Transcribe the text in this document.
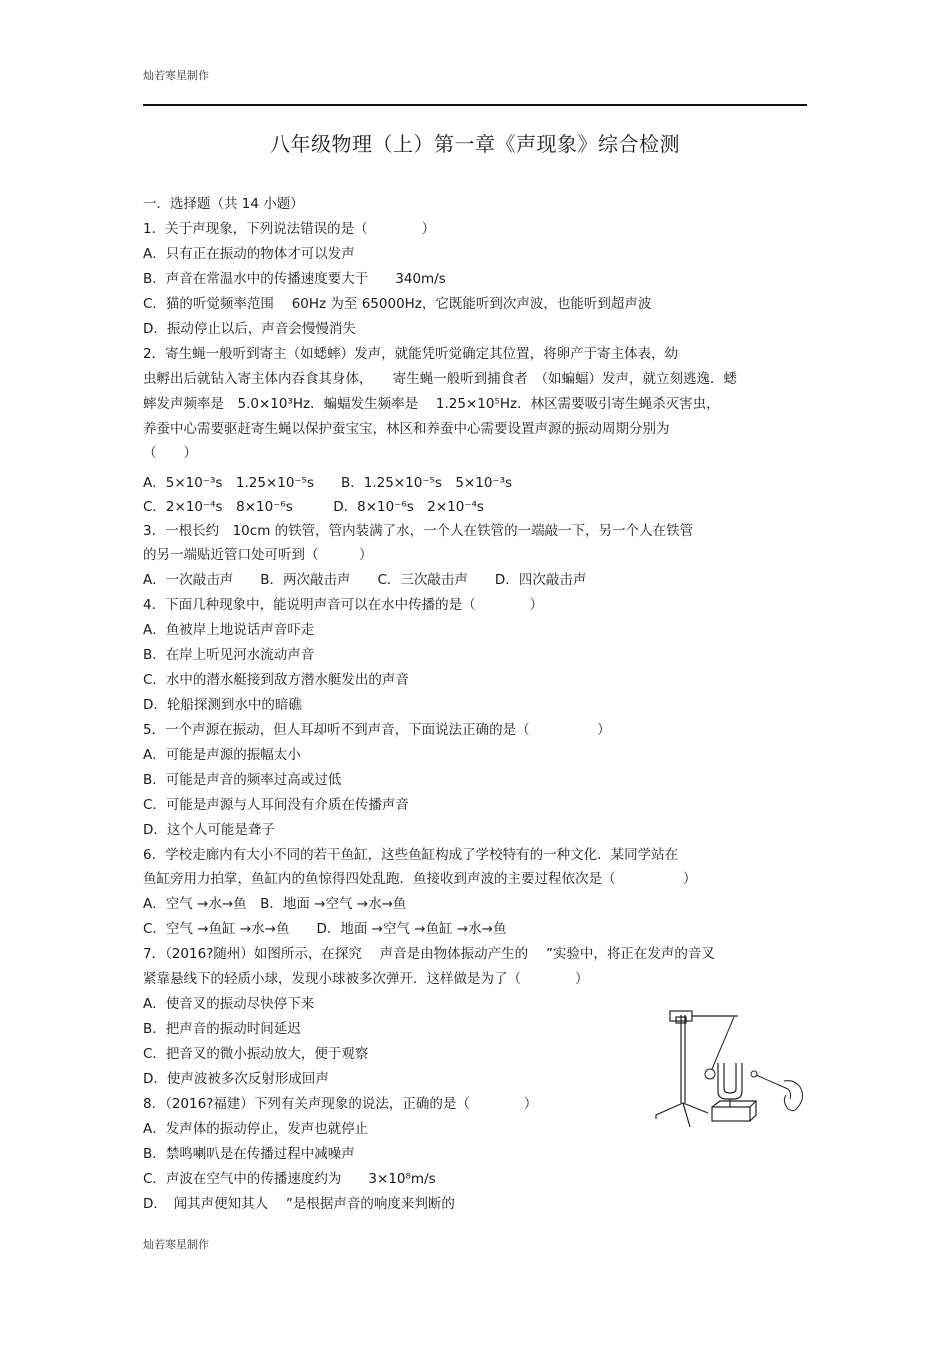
灿若寒星制作
八年级物理（上）第一章《声现象》综合检测
一．选择题（共 14 小题）
1．关于声现象，下列说法错误的是（　　　　）
A．只有正在振动的物体才可以发声
B．声音在常温水中的传播速度要大于　　340m/s
C．猫的听觉频率范围　 60Hz 为至 65000Hz，它既能听到次声波，也能听到超声波
D．振动停止以后，声音会慢慢消失
2．寄生蝇一般听到寄主（如蟋蟀）发声，就能凭听觉确定其位置，将卵产于寄主体表，幼
虫孵出后就钻入寄主体内吞食其身体，　　寄生蝇一般听到捕食者　（如蝙蝠）发声，就立刻逃逸．蟋
蟀发声频率是　5.0×10³Hz．蝙蝠发生频率是　 1.25×10⁵Hz．林区需要吸引寄生蝇杀灭害虫，
养蚕中心需要驱赶寄生蝇以保护蚕宝宝，林区和养蚕中心需要设置声源的振动周期分别为
（　　）
A．5×10⁻³s　1.25×10⁻⁵s　　B．1.25×10⁻⁵s　5×10⁻³s
C．2×10⁻⁴s　8×10⁻⁶s　　　D．8×10⁻⁶s　2×10⁻⁴s
3．一根长约　10cm 的铁管，管内装满了水，一个人在铁管的一端敲一下，另一个人在铁管
的另一端贴近管口处可听到（　　　）
A．一次敲击声　　B．两次敲击声　　C．三次敲击声　　D．四次敲击声
4．下面几种现象中，能说明声音可以在水中传播的是（　　　　）
A．鱼被岸上地说话声音吓走
B．在岸上听见河水流动声音
C．水中的潜水艇接到敌方潜水艇发出的声音
D．轮船探测到水中的暗礁
5．一个声源在振动，但人耳却听不到声音，下面说法正确的是（　　　　　）
A．可能是声源的振幅太小
B．可能是声音的频率过高或过低
C．可能是声源与人耳间没有介质在传播声音
D．这个人可能是聋子
6．学校走廊内有大小不同的若干鱼缸，这些鱼缸构成了学校特有的一种文化．某同学站在
鱼缸旁用力拍掌，鱼缸内的鱼惊得四处乱跑．鱼接收到声波的主要过程依次是（　　　　　）
A．空气 →水→鱼　B．地面 →空气 →水→鱼
C．空气 →鱼缸 →水→鱼　　D．地面 →空气 →鱼缸 →水→鱼
7．（2016?随州）如图所示，在探究　 声音是由物体振动产生的　 ”实验中，将正在发声的音叉
紧靠悬线下的轻质小球，发现小球被多次弹开．这样做是为了（　　　　）
A．使音叉的振动尽快停下来
B．把声音的振动时间延迟
C．把音叉的微小振动放大，便于观察
D．使声波被多次反射形成回声
8．（2016?福建）下列有关声现象的说法，正确的是（　　　　）
A．发声体的振动停止，发声也就停止
B．禁鸣喇叭是在传播过程中减噪声
C．声波在空气中的传播速度约为　　3×10⁸m/s
D．　闻其声便知其人　 ”是根据声音的响度来判断的
灿若寒星制作
